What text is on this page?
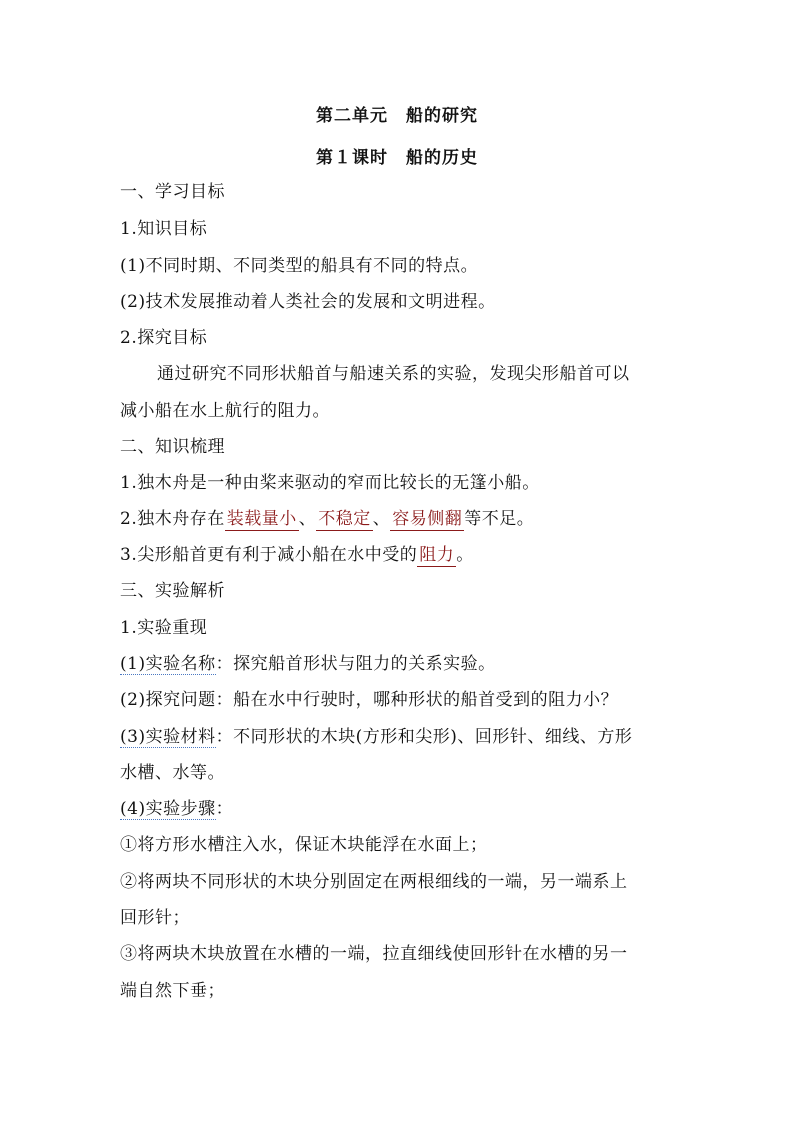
第二单元　船的研究
第１课时　船的历史
一、学习目标
1.知识目标
(1)不同时期、不同类型的船具有不同的特点。
(2)技术发展推动着人类社会的发展和文明进程。
2.探究目标
通过研究不同形状船首与船速关系的实验，发现尖形船首可以
减小船在水上航行的阻力。
二、知识梳理
1.独木舟是一种由桨来驱动的窄而比较长的无篷小船。
2.独木舟存在 装载量小 、 不稳定 、 容易侧翻 等不足。
3.尖形船首更有利于减小船在水中受的 阻力 。
三、实验解析
1.实验重现
(1)实验名称：探究船首形状与阻力的关系实验。
(2)探究问题：船在水中行驶时，哪种形状的船首受到的阻力小？
(3)实验材料：不同形状的木块(方形和尖形)、回形针、细线、方形
水槽、水等。
(4)实验步骤：
①将方形水槽注入水，保证木块能浮在水面上；
②将两块不同形状的木块分别固定在两根细线的一端，另一端系上
回形针；
③将两块木块放置在水槽的一端，拉直细线使回形针在水槽的另一
端自然下垂；
